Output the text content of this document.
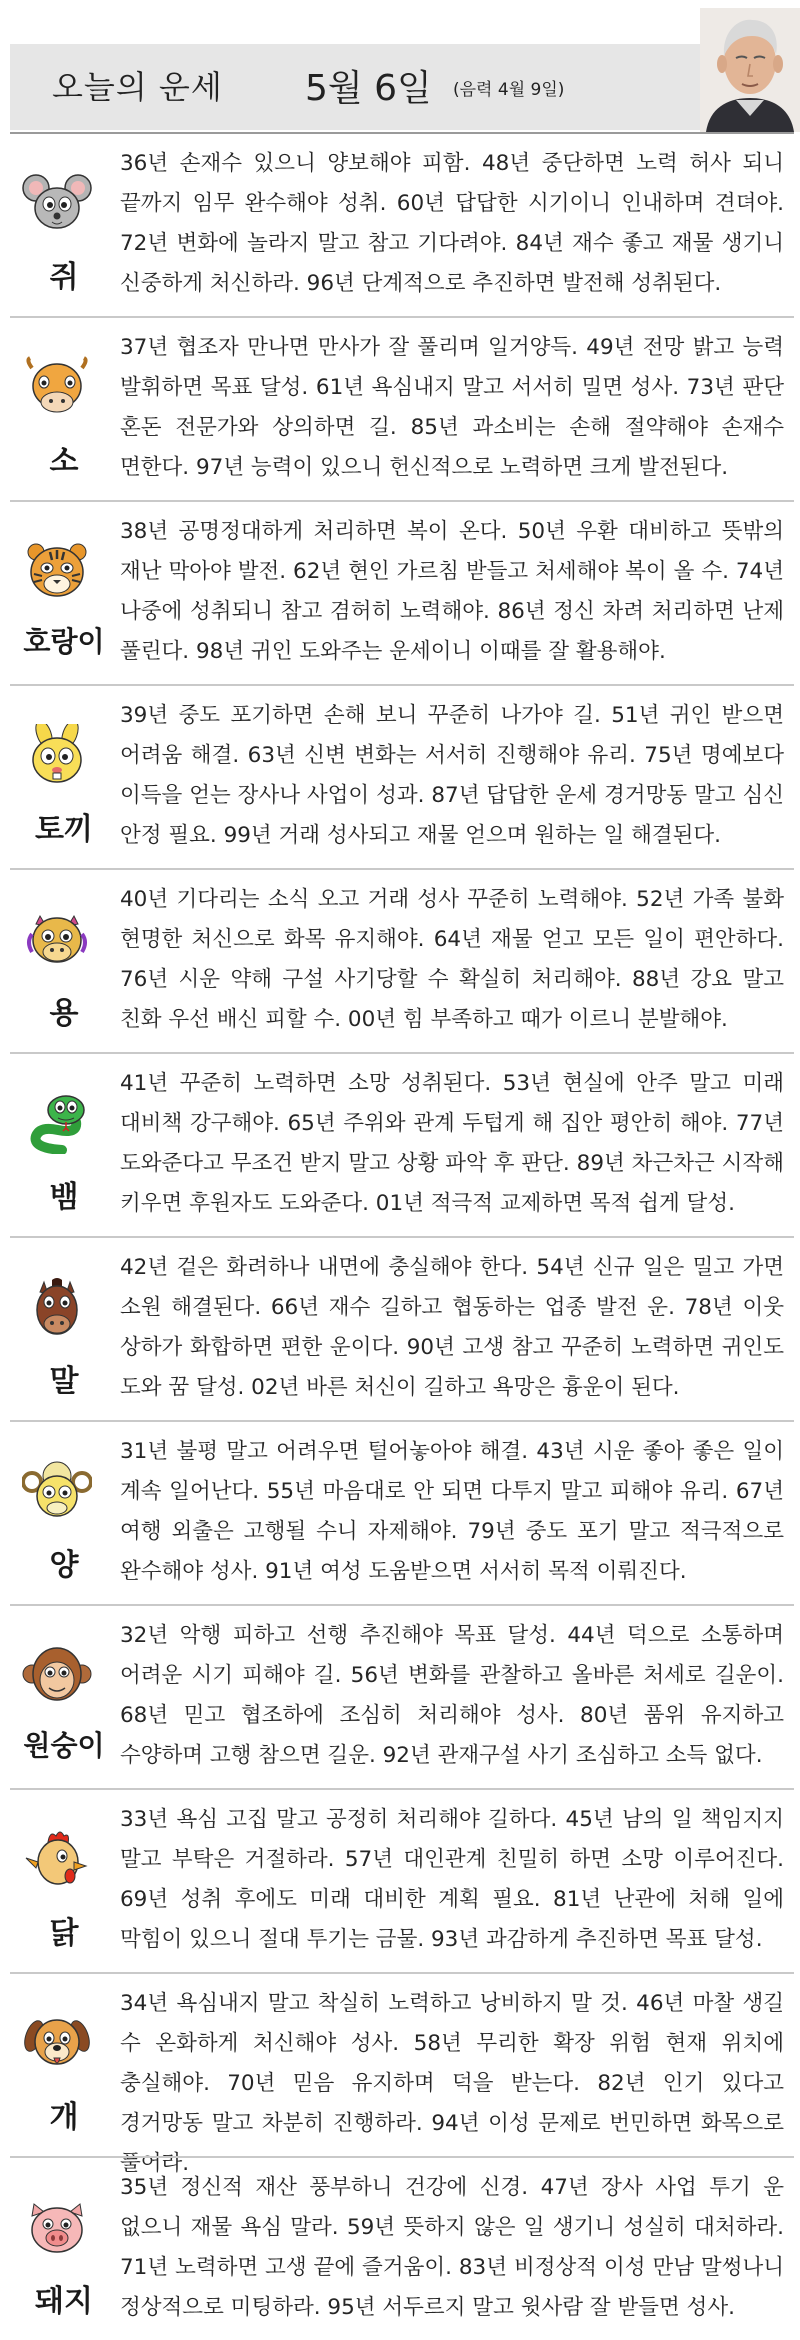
오늘의 운세 5월 6일 (음력 4월 9일)
쥐
36년 손재수 있으니 양보해야 피함. 48년 중단하면 노력 허사 되니 끝까지 임무 완수해야 성취. 60년 답답한 시기이니 인내하며 견뎌야. 72년 변화에 놀라지 말고 참고 기다려야. 84년 재수 좋고 재물 생기니 신중하게 처신하라. 96년 단계적으로 추진하면 발전해 성취된다.
소
37년 협조자 만나면 만사가 잘 풀리며 일거양득. 49년 전망 밝고 능력 발휘하면 목표 달성. 61년 욕심내지 말고 서서히 밀면 성사. 73년 판단 혼돈 전문가와 상의하면 길. 85년 과소비는 손해 절약해야 손재수 면한다. 97년 능력이 있으니 헌신적으로 노력하면 크게 발전된다.
호랑이
38년 공명정대하게 처리하면 복이 온다. 50년 우환 대비하고 뜻밖의 재난 막아야 발전. 62년 현인 가르침 받들고 처세해야 복이 올 수. 74년 나중에 성취되니 참고 겸허히 노력해야. 86년 정신 차려 처리하면 난제 풀린다. 98년 귀인 도와주는 운세이니 이때를 잘 활용해야.
토끼
39년 중도 포기하면 손해 보니 꾸준히 나가야 길. 51년 귀인 받으면 어려움 해결. 63년 신변 변화는 서서히 진행해야 유리. 75년 명예보다 이득을 얻는 장사나 사업이 성과. 87년 답답한 운세 경거망동 말고 심신 안정 필요. 99년 거래 성사되고 재물 얻으며 원하는 일 해결된다.
용
40년 기다리는 소식 오고 거래 성사 꾸준히 노력해야. 52년 가족 불화 현명한 처신으로 화목 유지해야. 64년 재물 얻고 모든 일이 편안하다. 76년 시운 약해 구설 사기당할 수 확실히 처리해야. 88년 강요 말고 친화 우선 배신 피할 수. 00년 힘 부족하고 때가 이르니 분발해야.
뱀
41년 꾸준히 노력하면 소망 성취된다. 53년 현실에 안주 말고 미래 대비책 강구해야. 65년 주위와 관계 두텁게 해 집안 평안히 해야. 77년 도와준다고 무조건 받지 말고 상황 파악 후 판단. 89년 차근차근 시작해 키우면 후원자도 도와준다. 01년 적극적 교제하면 목적 쉽게 달성.
말
42년 겉은 화려하나 내면에 충실해야 한다. 54년 신규 일은 밀고 가면 소원 해결된다. 66년 재수 길하고 협동하는 업종 발전 운. 78년 이웃 상하가 화합하면 편한 운이다. 90년 고생 참고 꾸준히 노력하면 귀인도 도와 꿈 달성. 02년 바른 처신이 길하고 욕망은 흉운이 된다.
양
31년 불평 말고 어려우면 털어놓아야 해결. 43년 시운 좋아 좋은 일이 계속 일어난다. 55년 마음대로 안 되면 다투지 말고 피해야 유리. 67년 여행 외출은 고행될 수니 자제해야. 79년 중도 포기 말고 적극적으로 완수해야 성사. 91년 여성 도움받으면 서서히 목적 이뤄진다.
원숭이
32년 악행 피하고 선행 추진해야 목표 달성. 44년 덕으로 소통하며 어려운 시기 피해야 길. 56년 변화를 관찰하고 올바른 처세로 길운이. 68년 믿고 협조하에 조심히 처리해야 성사. 80년 품위 유지하고 수양하며 고행 참으면 길운. 92년 관재구설 사기 조심하고 소득 없다.
닭
33년 욕심 고집 말고 공정히 처리해야 길하다. 45년 남의 일 책임지지 말고 부탁은 거절하라. 57년 대인관계 친밀히 하면 소망 이루어진다. 69년 성취 후에도 미래 대비한 계획 필요. 81년 난관에 처해 일에 막힘이 있으니 절대 투기는 금물. 93년 과감하게 추진하면 목표 달성.
개
34년 욕심내지 말고 착실히 노력하고 낭비하지 말 것. 46년 마찰 생길 수 온화하게 처신해야 성사. 58년 무리한 확장 위험 현재 위치에 충실해야. 70년 믿음 유지하며 덕을 받는다. 82년 인기 있다고 경거망동 말고 차분히 진행하라. 94년 이성 문제로 번민하면 화목으로 풀어라.
돼지
35년 정신적 재산 풍부하니 건강에 신경. 47년 장사 사업 투기 운 없으니 재물 욕심 말라. 59년 뜻하지 않은 일 생기니 성실히 대처하라. 71년 노력하면 고생 끝에 즐거움이. 83년 비정상적 이성 만남 말썽나니 정상적으로 미팅하라. 95년 서두르지 말고 윗사람 잘 받들면 성사.
